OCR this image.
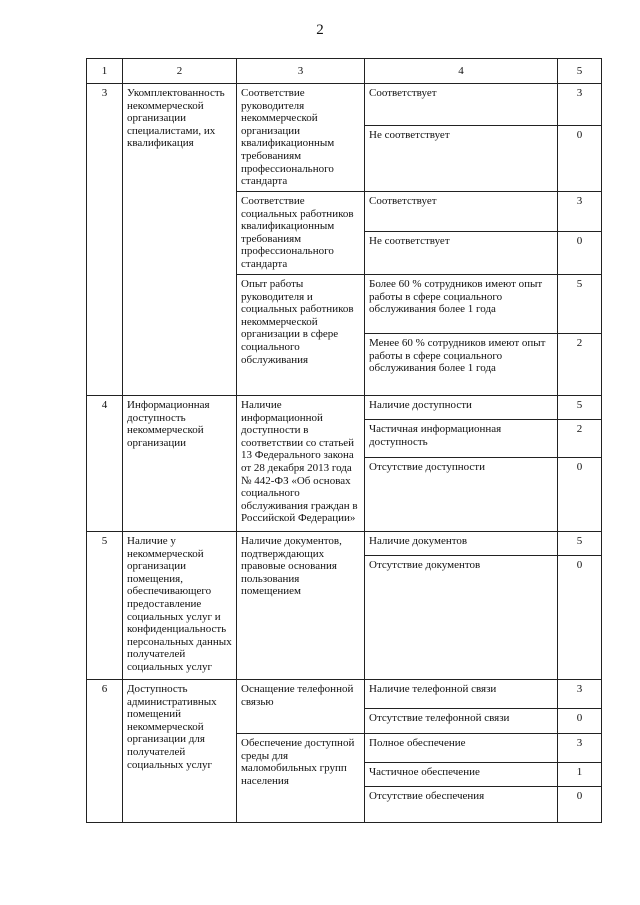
2
1	2	3	4	5
3	Укомплектованность некоммерческой организации специалистами, их квалификация	Соответствие руководителя некоммерческой организации квалификационным требованиям профессионального стандарта	Соответствует	3
			Не соответствует	0
		Соответствие социальных работников квалификационным требованиям профессионального стандарта	Соответствует	3
			Не соответствует	0
		Опыт работы руководителя и социальных работников некоммерческой организации в сфере социального обслуживания	Более 60 % сотрудников имеют опыт работы в сфере социального обслуживания более 1 года	5
			Менее 60 % сотрудников имеют опыт работы в сфере социального обслуживания более 1 года	2
4	Информационная доступность некоммерческой организации	Наличие информационной доступности в соответствии со статьей 13 Федерального закона от 28 декабря 2013 года № 442-ФЗ «Об основах социального обслуживания граждан в Российской Федерации»	Наличие доступности	5
			Частичная информационная доступность	2
			Отсутствие доступности	0
5	Наличие у некоммерческой организации помещения, обеспечивающего предоставление социальных услуг и конфиденциальность персональных данных получателей социальных услуг	Наличие документов, подтверждающих правовые основания пользования помещением	Наличие документов	5
			Отсутствие документов	0
6	Доступность административных помещений некоммерческой организации для получателей социальных услуг	Оснащение телефонной связью	Наличие телефонной связи	3
			Отсутствие телефонной связи	0
		Обеспечение доступной среды для маломобильных групп населения	Полное обеспечение	3
			Частичное обеспечение	1
			Отсутствие обеспечения	0
